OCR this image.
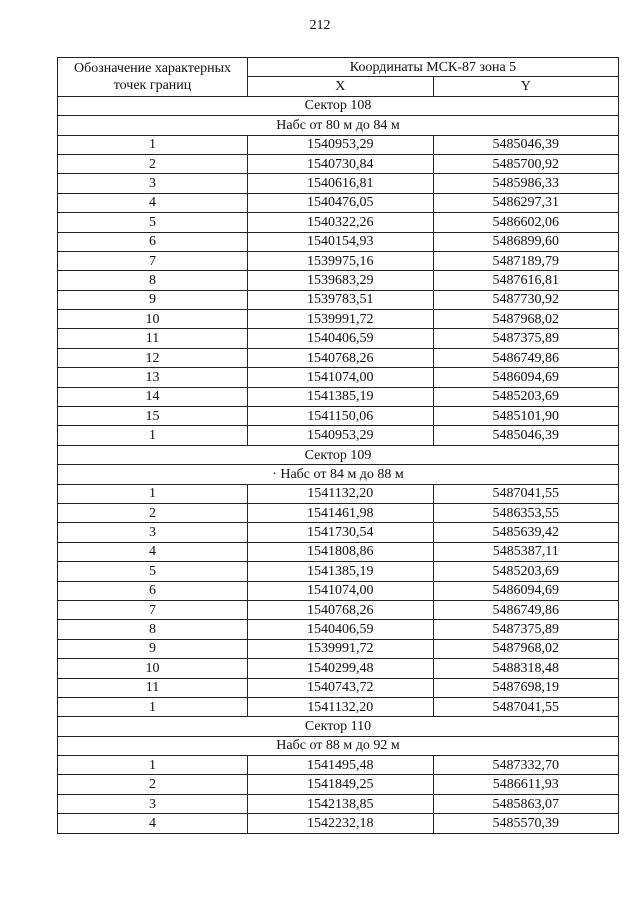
212
Обозначение характерных
точек границ	Координаты МСК-87 зона 5	
	X	Y
Сектор 108		
Набс от 80 м до 84 м		
1	1540953,29	5485046,39
2	1540730,84	5485700,92
3	1540616,81	5485986,33
4	1540476,05	5486297,31
5	1540322,26	5486602,06
6	1540154,93	5486899,60
7	1539975,16	5487189,79
8	1539683,29	5487616,81
9	1539783,51	5487730,92
10	1539991,72	5487968,02
11	1540406,59	5487375,89
12	1540768,26	5486749,86
13	1541074,00	5486094,69
14	1541385,19	5485203,69
15	1541150,06	5485101,90
1	1540953,29	5485046,39
Сектор 109		
· Набс от 84 м до 88 м		
1	1541132,20	5487041,55
2	1541461,98	5486353,55
3	1541730,54	5485639,42
4	1541808,86	5485387,11
5	1541385,19	5485203,69
6	1541074,00	5486094,69
7	1540768,26	5486749,86
8	1540406,59	5487375,89
9	1539991,72	5487968,02
10	1540299,48	5488318,48
11	1540743,72	5487698,19
1	1541132,20	5487041,55
Сектор 110		
Набс от 88 м до 92 м		
1	1541495,48	5487332,70
2	1541849,25	5486611,93
3	1542138,85	5485863,07
4	1542232,18	5485570,39
